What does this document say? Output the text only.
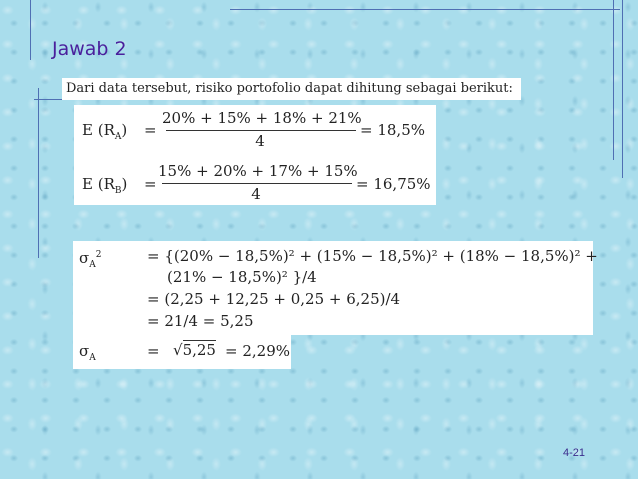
Jawab 2
Dari data tersebut, risiko portofolio dapat dihitung sebagai berikut:
E $(R_A)$ =
20% + 15% + 18% + 21%
4
= 18,5%
E $(R_B)$ =
15% + 20% + 17% + 15%
4
= 16,75%
$\sigma_A^2$	= {(20% − 18,5%)² + (15% − 18,5%)² + (18% − 18,5%)² +
(21% − 18,5%)² }/4
= (2,25 + 12,25 + 0,25 + 6,25)/4
= 21/4 = 5,25
$\sigma_A$	= √5,25 = 2,29%
4-21
